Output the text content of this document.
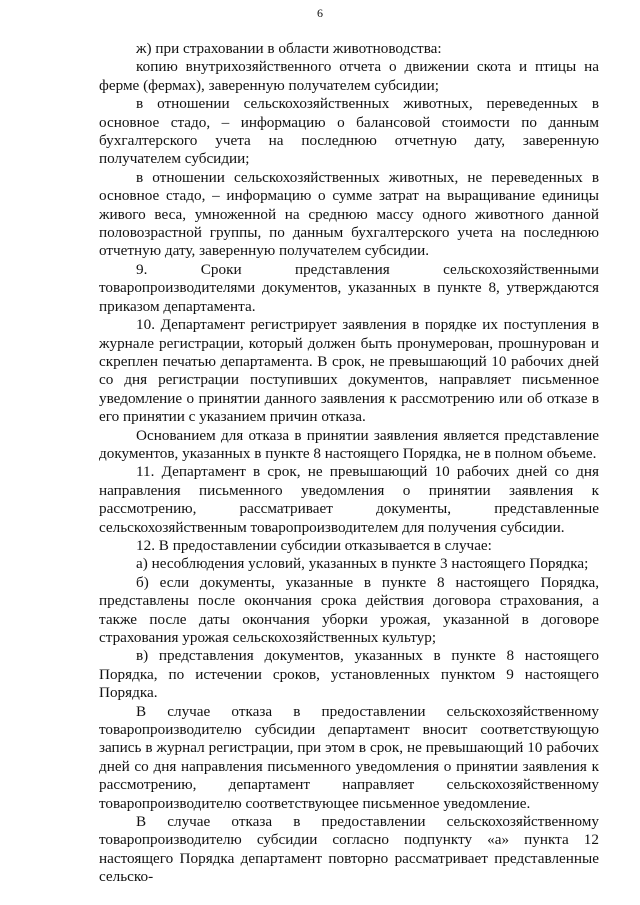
6

ж) при страховании в области животноводства:

копию внутрихозяйственного отчета о движении скота и птицы на ферме (фермах), заверенную получателем субсидии;

в отношении сельскохозяйственных животных, переведенных в основное стадо, – информацию о балансовой стоимости по данным бухгалтерского учета на последнюю отчетную дату, заверенную получателем субсидии;

в отношении сельскохозяйственных животных, не переведенных в основное стадо, – информацию о сумме затрат на выращивание единицы живого веса, умноженной на среднюю массу одного животного данной половозрастной группы, по данным бухгалтерского учета на последнюю отчетную дату, заверенную получателем субсидии.

9. Сроки представления сельскохозяйственными товаропроизводителями документов, указанных в пункте 8, утверждаются приказом департамента.

10. Департамент регистрирует заявления в порядке их поступления в журнале регистрации, который должен быть пронумерован, прошнурован и скреплен печатью департамента. В срок, не превышающий 10 рабочих дней со дня регистрации поступивших документов, направляет письменное уведомление о принятии данного заявления к рассмотрению или об отказе в его принятии с указанием причин отказа.

Основанием для отказа в принятии заявления является представление документов, указанных в пункте 8 настоящего Порядка, не в полном объеме.

11. Департамент в срок, не превышающий 10 рабочих дней со дня направления письменного уведомления о принятии заявления к рассмотрению, рассматривает документы, представленные сельскохозяйственным товаропроизводителем для получения субсидии.

12. В предоставлении субсидии отказывается в случае:

а) несоблюдения условий, указанных в пункте 3 настоящего Порядка;

б) если документы, указанные в пункте 8 настоящего Порядка, представлены после окончания срока действия договора страхования, а также после даты окончания уборки урожая, указанной в договоре страхования урожая сельскохозяйственных культур;

в) представления документов, указанных в пункте 8 настоящего Порядка, по истечении сроков, установленных пунктом 9 настоящего Порядка.

В случае отказа в предоставлении сельскохозяйственному товаропроизводителю субсидии департамент вносит соответствующую запись в журнал регистрации, при этом в срок, не превышающий 10 рабочих дней со дня направления письменного уведомления о принятии заявления к рассмотрению, департамент направляет сельскохозяйственному товаропроизводителю соответствующее письменное уведомление.

В случае отказа в предоставлении сельскохозяйственному товаропроизводителю субсидии согласно подпункту «а» пункта 12 настоящего Порядка департамент повторно рассматривает представленные сельско-
